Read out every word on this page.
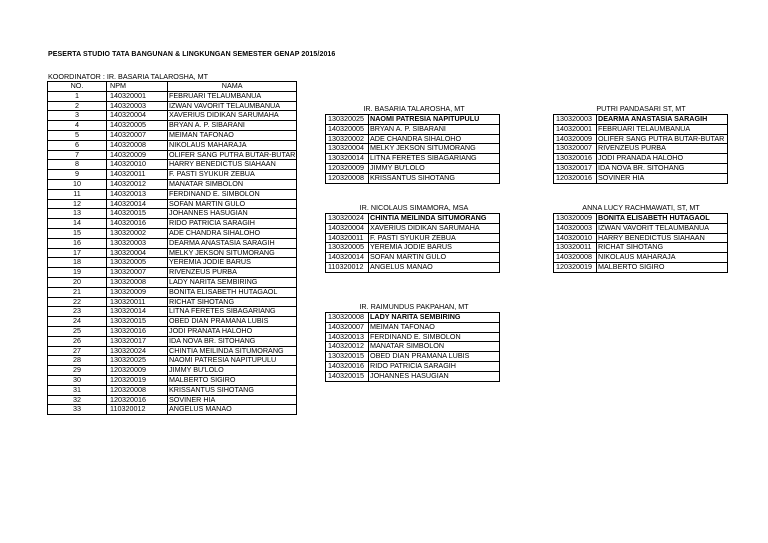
PESERTA STUDIO TATA BANGUNAN & LINGKUNGAN SEMESTER GENAP 2015/2016
KOORDINATOR : IR. BASARIA TALAROSHA, MT
NO.	NPM	NAMA
1	140320001	FEBRUARI TELAUMBANUA
2	140320003	IZWAN VAVORIT TELAUMBANUA
3	140320004	XAVERIUS DIDIKAN SARUMAHA
4	140320005	BRYAN A. P. SIBARANI
5	140320007	MEIMAN TAFONAO
6	140320008	NIKOLAUS MAHARAJA
7	140320009	OLIFER SANG PUTRA BUTAR-BUTAR
8	140320010	HARRY BENEDICTUS SIAHAAN
9	140320011	F. PASTI SYUKUR ZEBUA
10	140320012	MANATAR SIMBOLON
11	140320013	FERDINAND E. SIMBOLON
12	140320014	SOFAN MARTIN GULO
13	140320015	JOHANNES HASUGIAN
14	140320016	RIDO PATRICIA SARAGIH
15	130320002	ADE CHANDRA SIHALOHO
16	130320003	DEARMA ANASTASIA SARAGIH
17	130320004	MELKY JEKSON SITUMORANG
18	130320005	YEREMIA JODIE BARUS
19	130320007	RIVENZEUS PURBA
20	130320008	LADY NARITA SEMBIRING
21	130320009	BONITA ELISABETH HUTAGAOL
22	130320011	RICHAT SIHOTANG
23	130320014	LITNA FERETES SIBAGARIANG
24	130320015	OBED DIAN PRAMANA LUBIS
25	130320016	JODI PRANATA HALOHO
26	130320017	IDA NOVA BR. SITOHANG
27	130320024	CHINTIA MEILINDA SITUMORANG
28	130320025	NAOMI PATRESIA NAPITUPULU
29	120320009	JIMMY BU'LOLO
30	120320019	MALBERTO SIGIRO
31	120320008	KRISSANTUS SIHOTANG
32	120320016	SOVINER HIA
33	110320012	ANGELUS MANAO
IR. BASARIA TALAROSHA, MT
130320025	NAOMI PATRESIA NAPITUPULU
140320005	BRYAN A. P. SIBARANI
130320002	ADE CHANDRA SIHALOHO
130320004	MELKY JEKSON SITUMORANG
130320014	LITNA FERETES SIBAGARIANG
120320009	JIMMY BU'LOLO
120320008	KRISSANTUS SIHOTANG
PUTRI PANDASARI ST, MT
130320003	DEARMA ANASTASIA SARAGIH
140320001	FEBRUARI TELAUMBANUA
140320009	OLIFER SANG PUTRA BUTAR-BUTAR
130320007	RIVENZEUS PURBA
130320016	JODI PRANADA HALOHO
130320017	IDA NOVA BR. SITOHANG
120320016	SOVINER HIA
IR. NICOLAUS SIMAMORA, MSA
130320024	CHINTIA MEILINDA SITUMORANG
140320004	XAVERIUS DIDIKAN SARUMAHA
140320011	F. PASTI SYUKUR ZEBUA
130320005	YEREMIA JODIE BARUS
140320014	SOFAN MARTIN GULO
110320012	ANGELUS MANAO
ANNA LUCY RACHMAWATI, ST, MT
130320009	BONITA ELISABETH HUTAGAOL
140320003	IZWAN VAVORIT TELAUMBANUA
140320010	HARRY BENEDICTUS SIAHAAN
130320011	RICHAT SIHOTANG
140320008	NIKOLAUS MAHARAJA
120320019	MALBERTO SIGIRO
IR. RAIMUNDUS PAKPAHAN, MT
130320008	LADY NARITA SEMBIRING
140320007	MEIMAN TAFONAO
140320013	FERDINAND E. SIMBOLON
140320012	MANATAR SIMBOLON
130320015	OBED DIAN PRAMANA LUBIS
140320016	RIDO PATRICIA SARAGIH
140320015	JOHANNES HASUGIAN
